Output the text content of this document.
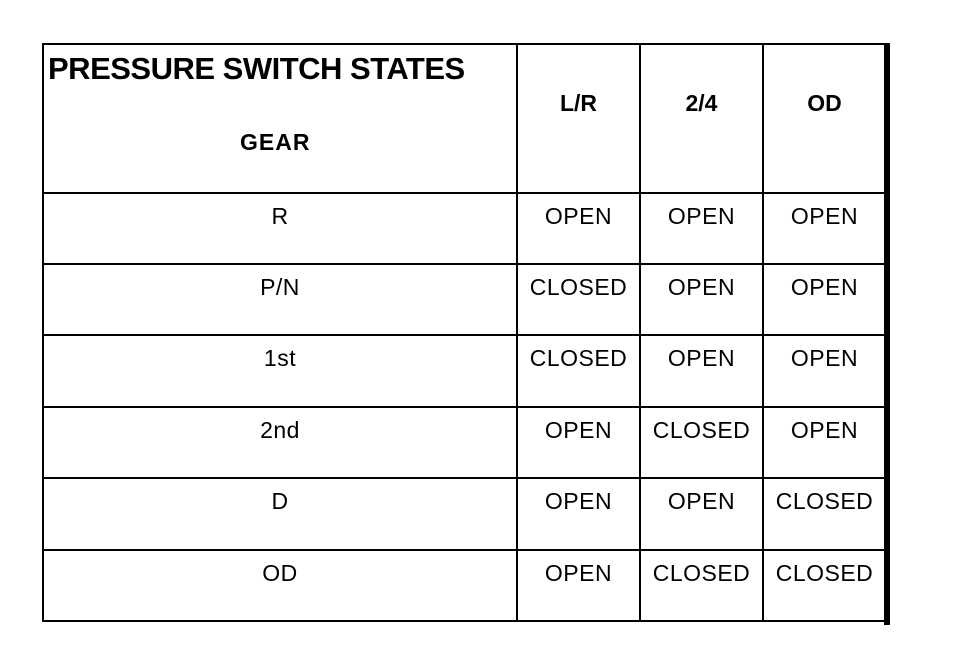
PRESSURE SWITCH STATES
GEAR	L/R	2/4	OD
R	OPEN	OPEN	OPEN
P/N	CLOSED	OPEN	OPEN
1st	CLOSED	OPEN	OPEN
2nd	OPEN	CLOSED	OPEN
D	OPEN	OPEN	CLOSED
OD	OPEN	CLOSED	CLOSED
